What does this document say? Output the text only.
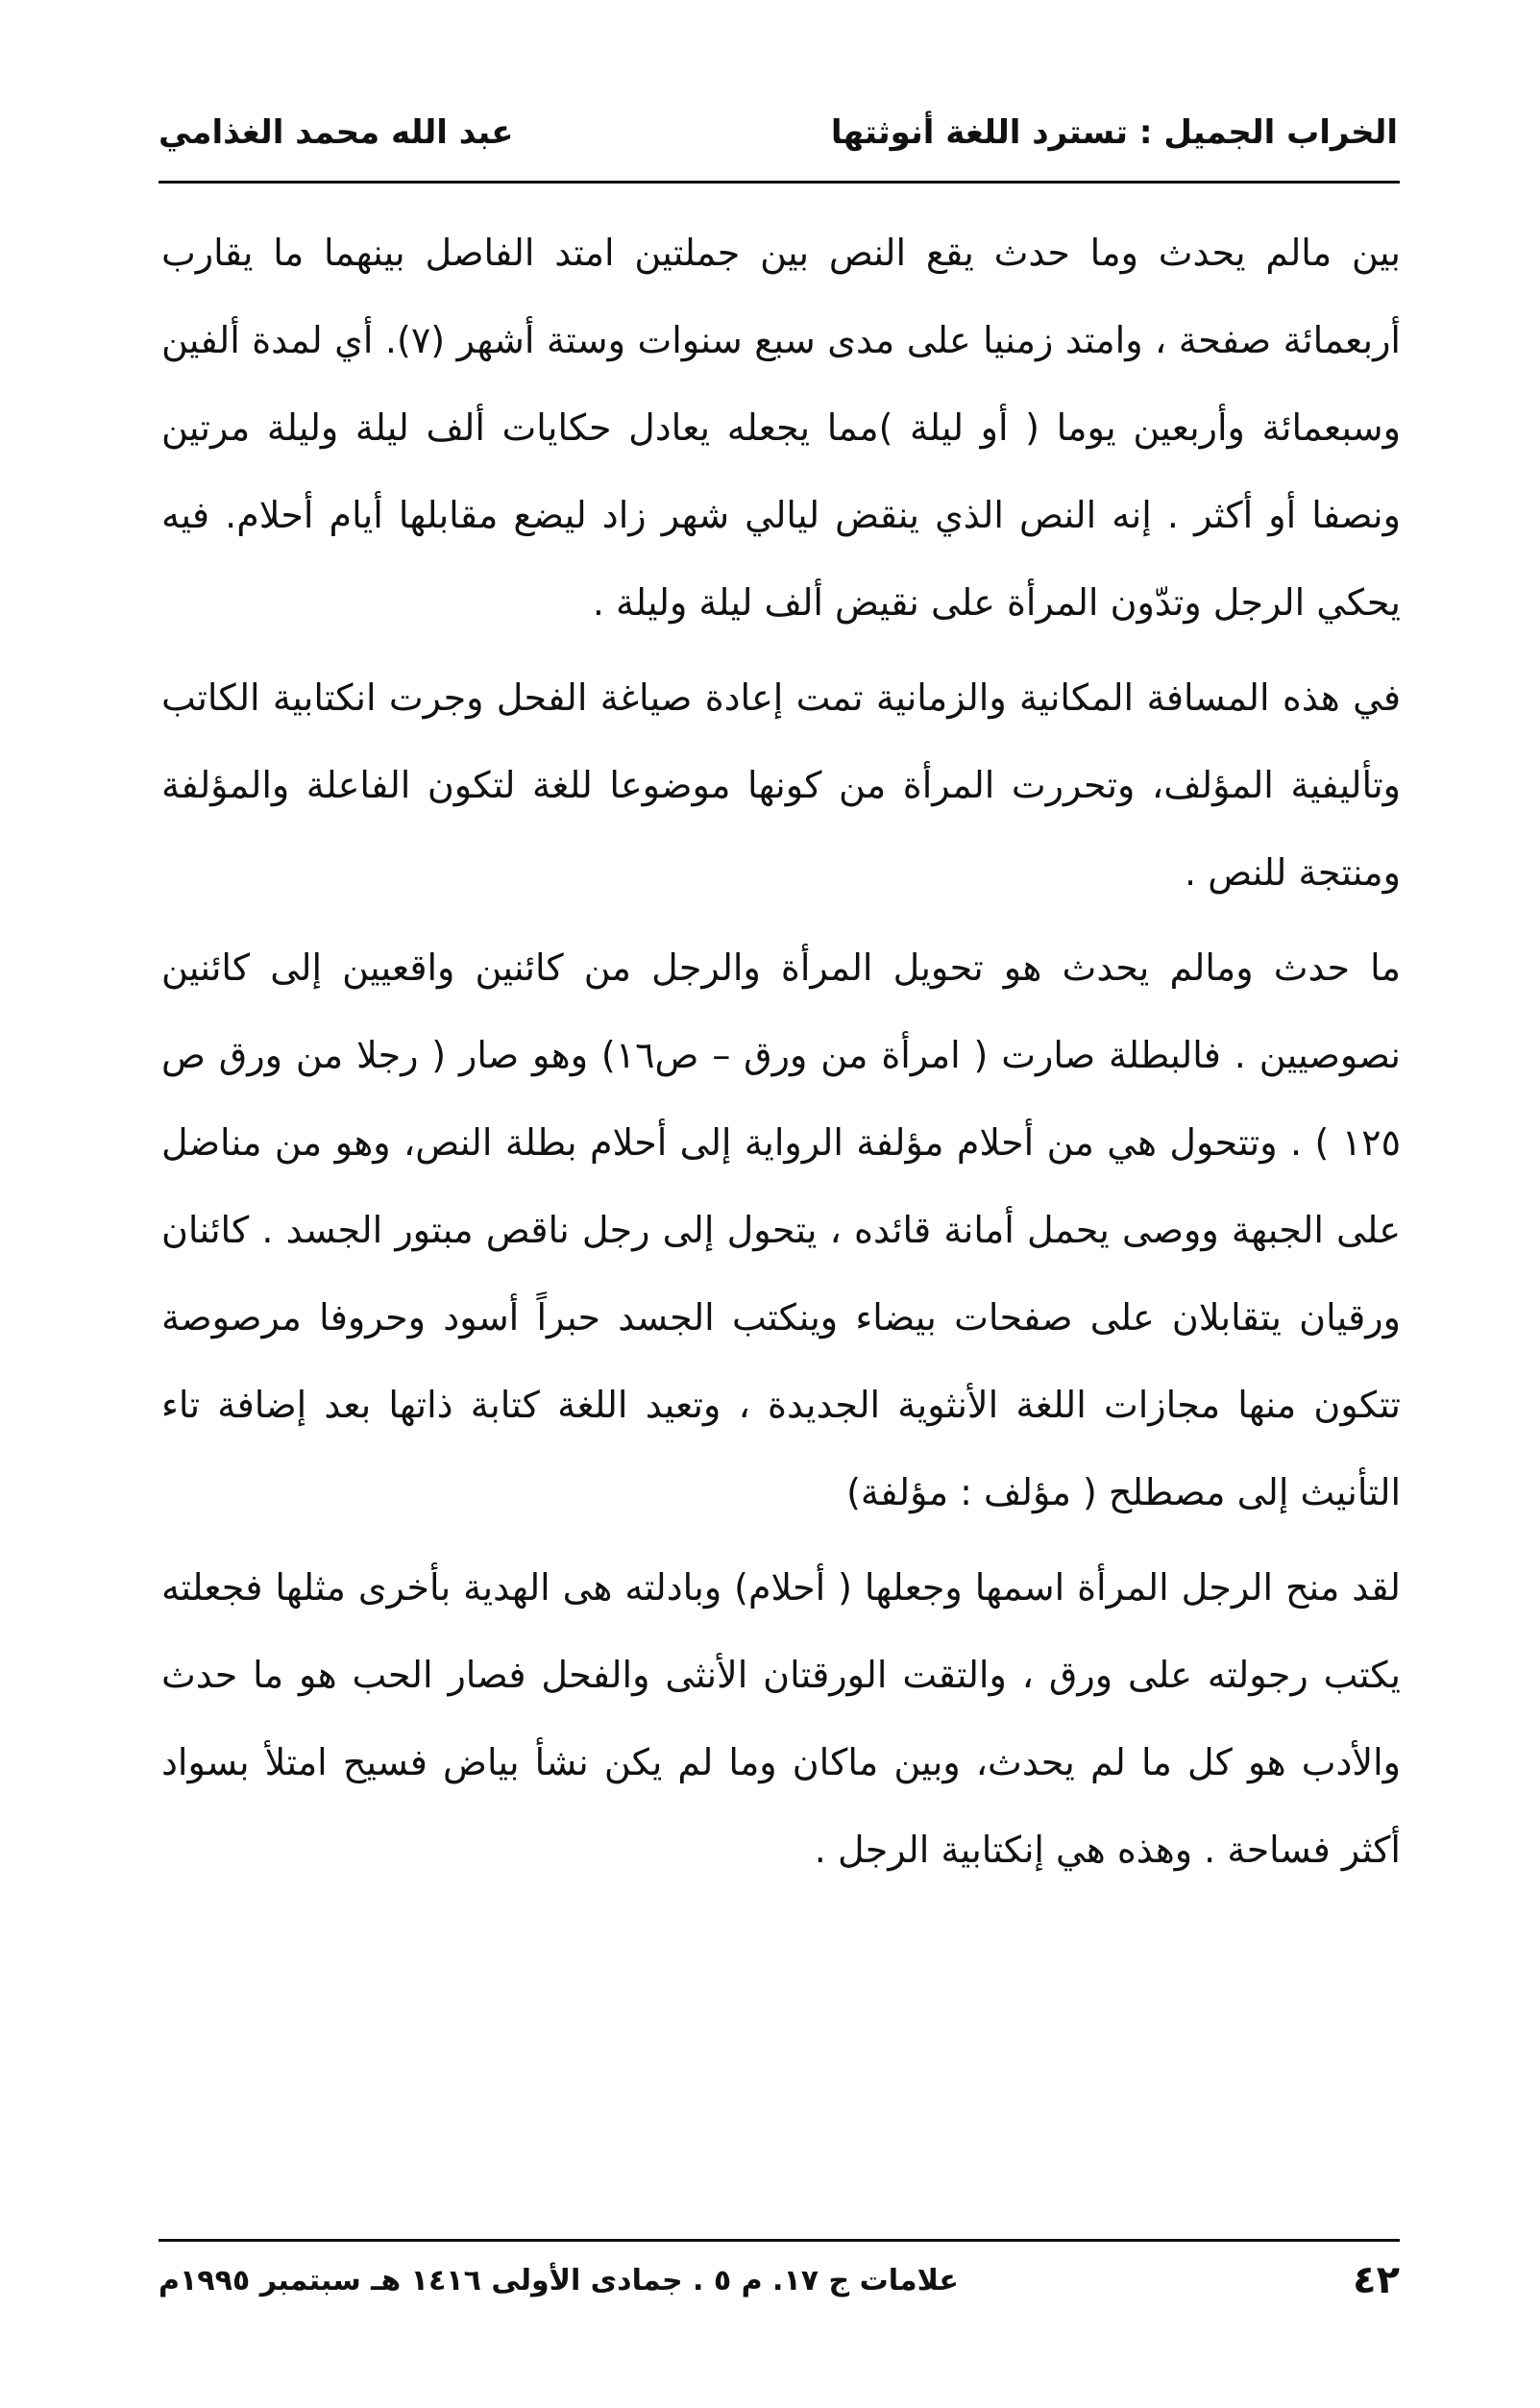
الخراب الجميل : تسترد اللغة أنوثتها
عبد الله محمد الغذامي

بين مالم يحدث وما حدث يقع النص بين جملتين امتد الفاصل بينهما ما يقارب أربعمائة صفحة ، وامتد زمنيا على مدى سبع سنوات وستة أشهر (٧). أي لمدة ألفين وسبعمائة وأربعين يوما ( أو ليلة )مما يجعله يعادل حكايات ألف ليلة وليلة مرتين ونصفا أو أكثر . إنه النص الذي ينقض ليالي شهر زاد ليضع مقابلها أيام أحلام. فيه يحكي الرجل وتدّون المرأة على نقيض ألف ليلة وليلة .

في هذه المسافة المكانية والزمانية تمت إعادة صياغة الفحل وجرت انكتابية الكاتب وتأليفية المؤلف، وتحررت المرأة من كونها موضوعا للغة لتكون الفاعلة والمؤلفة ومنتجة للنص .

ما حدث ومالم يحدث هو تحويل المرأة والرجل من كائنين واقعيين إلى كائنين نصوصيين . فالبطلة صارت ( امرأة من ورق – ص١٦) وهو صار ( رجلا من ورق ص ١٢٥ ) . وتتحول هي من أحلام مؤلفة الرواية إلى أحلام بطلة النص، وهو من مناضل على الجبهة ووصى يحمل أمانة قائده ، يتحول إلى رجل ناقص مبتور الجسد . كائنان ورقيان يتقابلان على صفحات بيضاء وينكتب الجسد حبراً أسود وحروفا مرصوصة تتكون منها مجازات اللغة الأنثوية الجديدة ، وتعيد اللغة كتابة ذاتها بعد إضافة تاء التأنيث إلى مصطلح ( مؤلف : مؤلفة)

لقد منح الرجل المرأة اسمها وجعلها ( أحلام) وبادلته هى الهدية بأخرى مثلها فجعلته يكتب رجولته على ورق ، والتقت الورقتان الأنثى والفحل فصار الحب هو ما حدث والأدب هو كل ما لم يحدث، وبين ماكان وما لم يكن نشأ بياض فسيح امتلأ بسواد أكثر فساحة . وهذه هي إنكتابية الرجل .

٤٢
علامات ج ١٧. م ٥ . جمادى الأولى ١٤١٦ هـ سبتمبر ١٩٩٥م
